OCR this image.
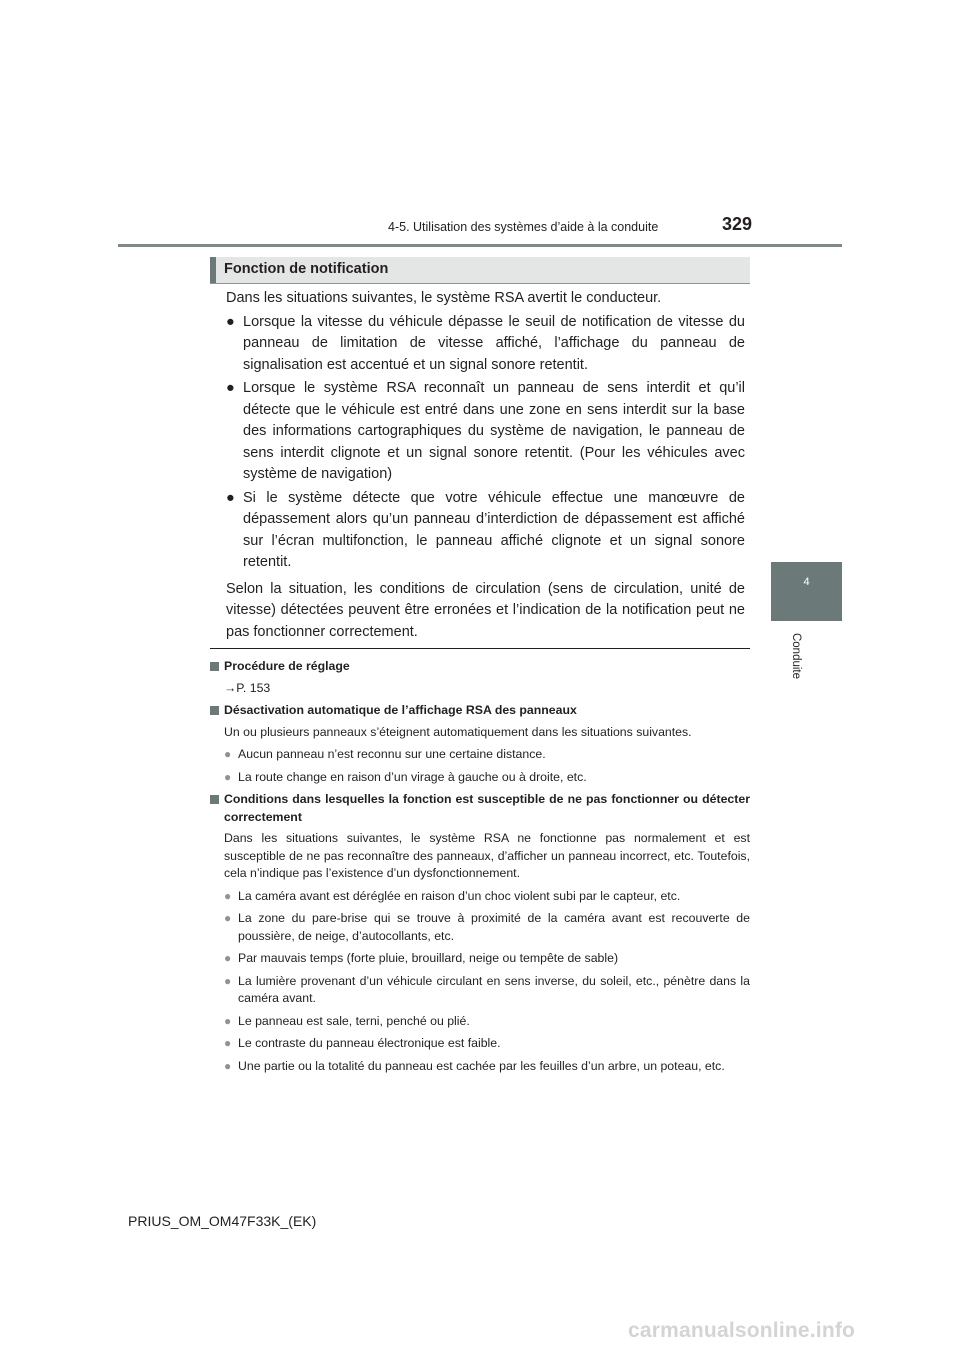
4-5. Utilisation des systèmes d’aide à la conduite	329
4
Conduite
Fonction de notification

Dans les situations suivantes, le système RSA avertit le conducteur.

● Lorsque la vitesse du véhicule dépasse le seuil de notification de vitesse du panneau de limitation de vitesse affiché, l’affichage du panneau de signalisation est accentué et un signal sonore retentit.

● Lorsque le système RSA reconnaît un panneau de sens interdit et qu’il détecte que le véhicule est entré dans une zone en sens interdit sur la base des informations cartographiques du système de navigation, le panneau de sens interdit clignote et un signal sonore retentit. (Pour les véhicules avec système de navigation)

● Si le système détecte que votre véhicule effectue une manœuvre de dépassement alors qu’un panneau d’interdiction de dépassement est affiché sur l’écran multifonction, le panneau affiché clignote et un signal sonore retentit.

Selon la situation, les conditions de circulation (sens de circulation, unité de vitesse) détectées peuvent être erronées et l’indication de la notification peut ne pas fonctionner correctement.

Procédure de réglage
→P. 153
Désactivation automatique de l’affichage RSA des panneaux
Un ou plusieurs panneaux s’éteignent automatiquement dans les situations suivantes.
● Aucun panneau n’est reconnu sur une certaine distance.
● La route change en raison d’un virage à gauche ou à droite, etc.
Conditions dans lesquelles la fonction est susceptible de ne pas fonctionner ou détecter correctement
Dans les situations suivantes, le système RSA ne fonctionne pas normalement et est susceptible de ne pas reconnaître des panneaux, d’afficher un panneau incorrect, etc. Toutefois, cela n’indique pas l’existence d’un dysfonctionnement.
● La caméra avant est déréglée en raison d’un choc violent subi par le capteur, etc.
● La zone du pare-brise qui se trouve à proximité de la caméra avant est recouverte de poussière, de neige, d’autocollants, etc.
● Par mauvais temps (forte pluie, brouillard, neige ou tempête de sable)
● La lumière provenant d’un véhicule circulant en sens inverse, du soleil, etc., pénètre dans la caméra avant.
● Le panneau est sale, terni, penché ou plié.
● Le contraste du panneau électronique est faible.
● Une partie ou la totalité du panneau est cachée par les feuilles d’un arbre, un poteau, etc.
PRIUS_OM_OM47F33K_(EK)
carmanualsonline.info
